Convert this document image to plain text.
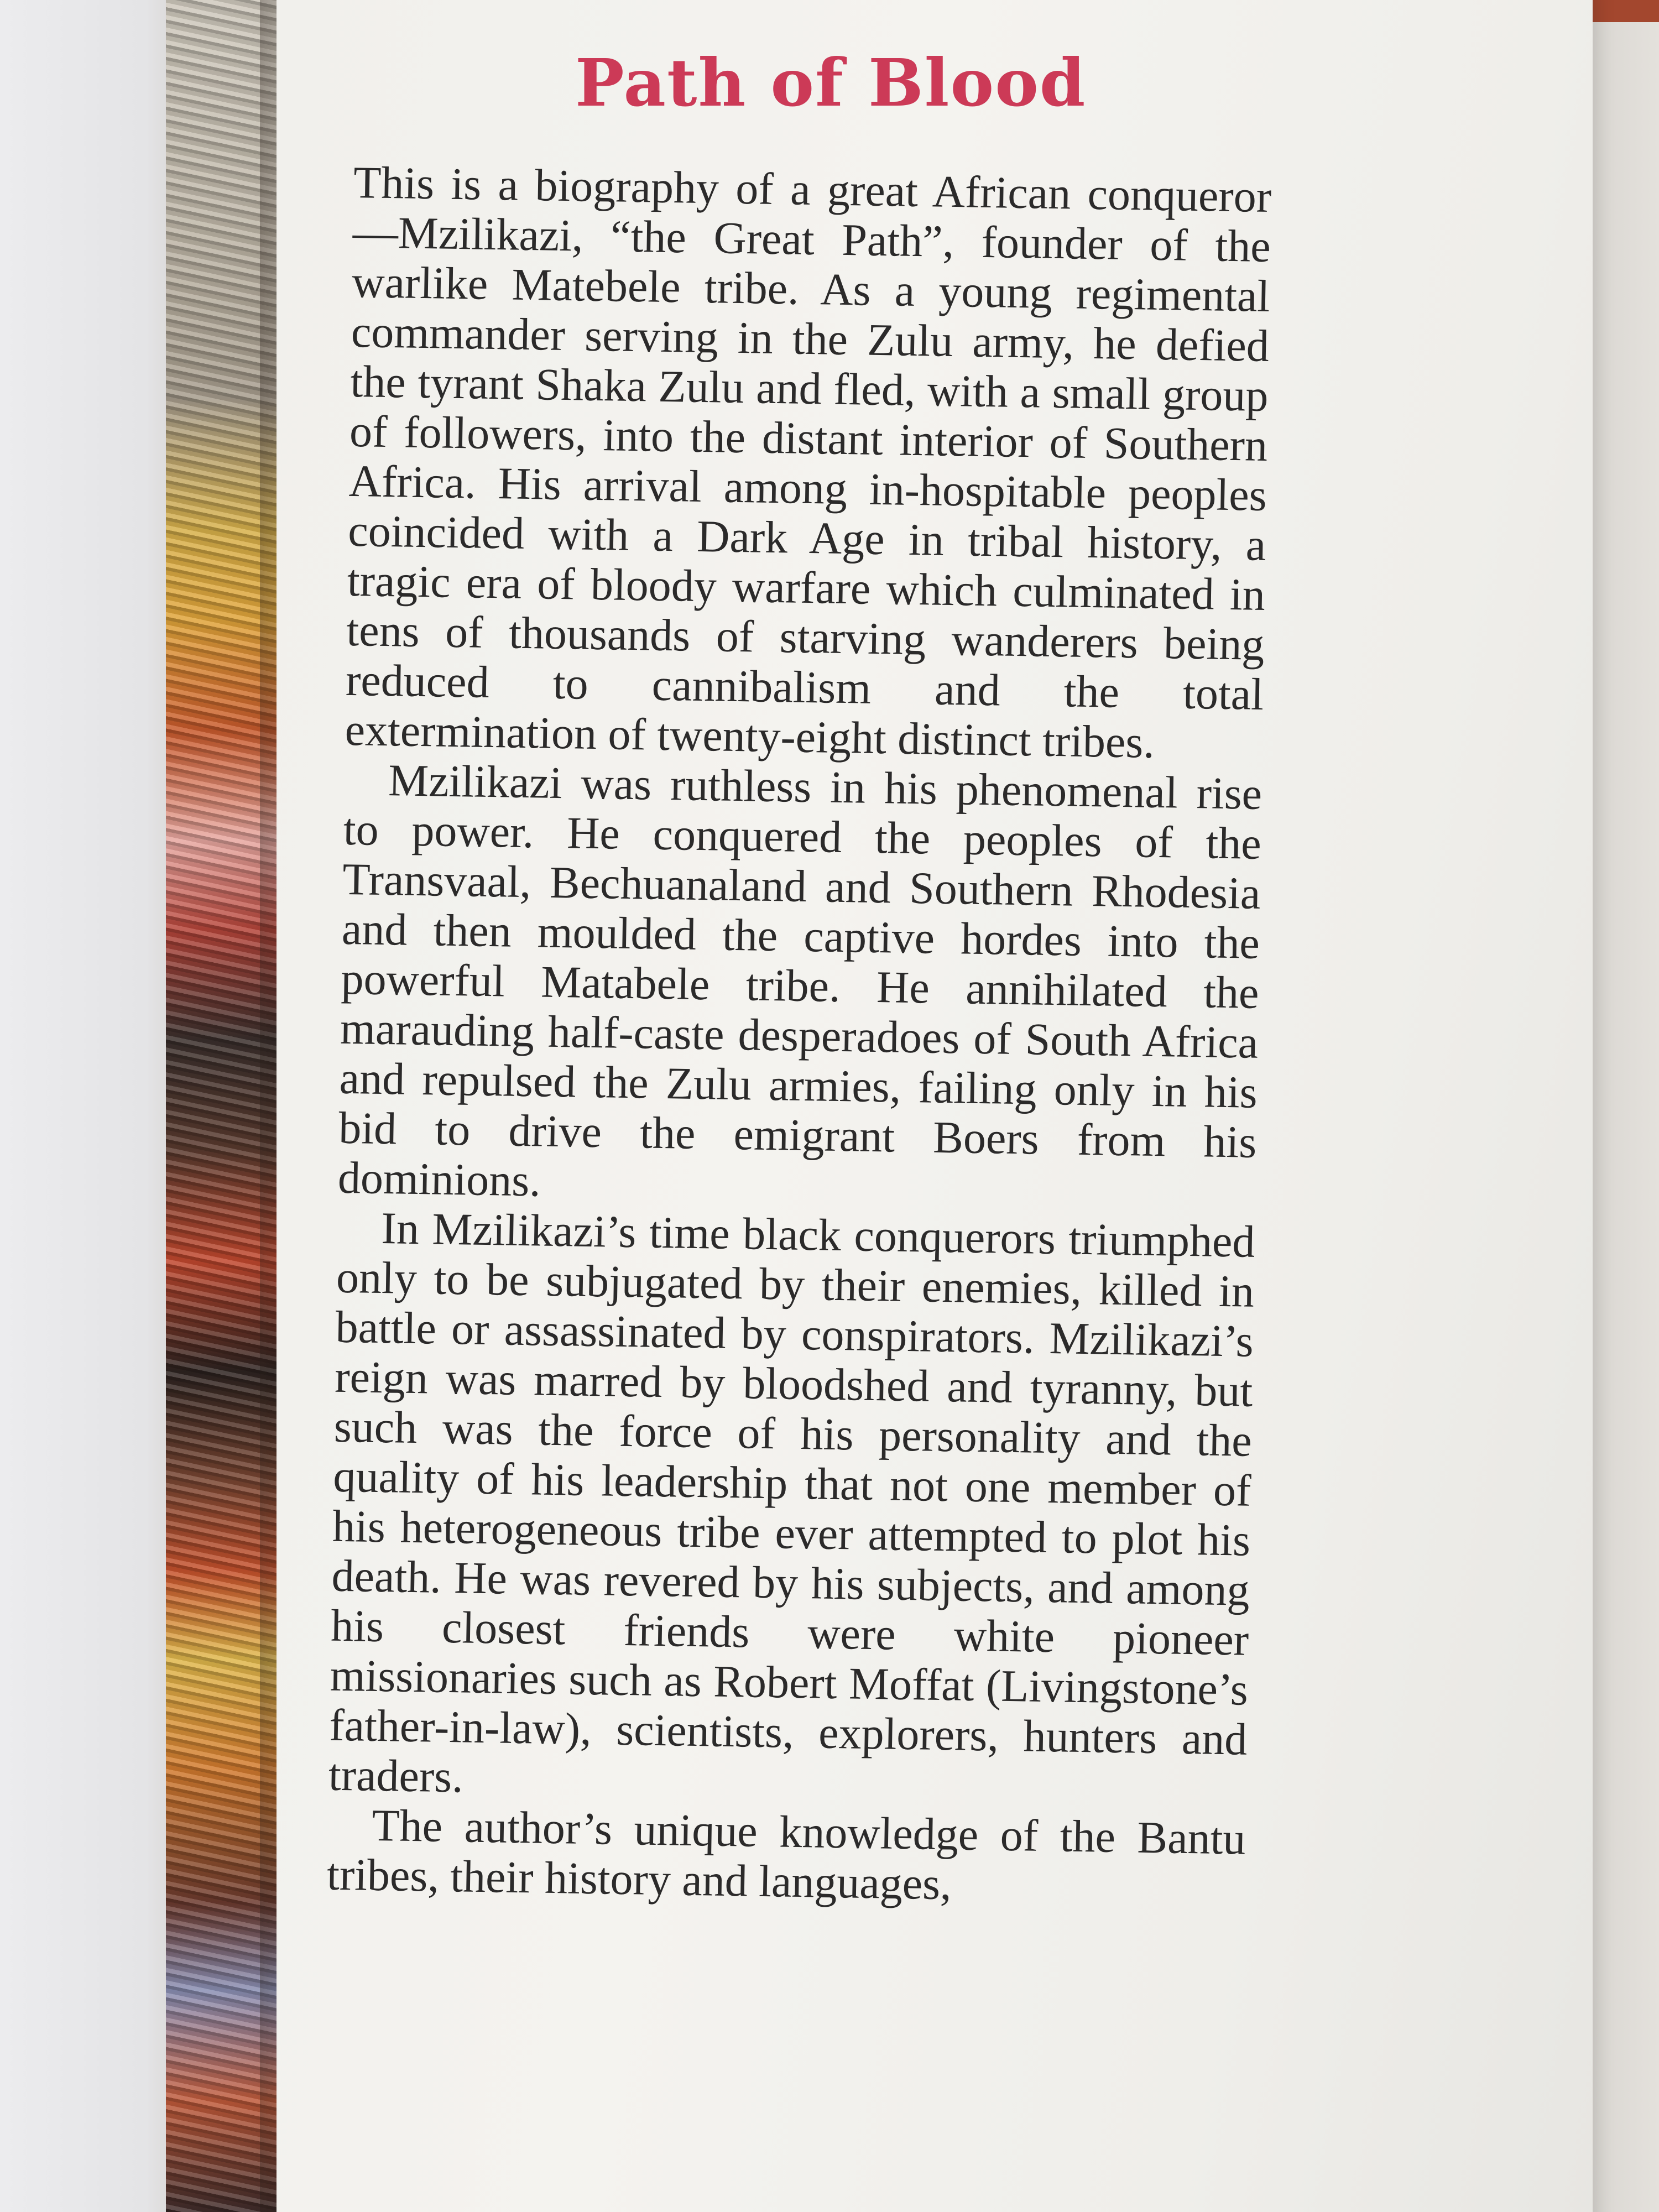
Path of Blood

This is a biography of a great African conqueror—Mzilikazi, “the Great Path”, founder of the warlike Matebele tribe. As a young regimental commander serving in the Zulu army, he defied the tyrant Shaka Zulu and fled, with a small group of followers, into the distant interior of Southern Africa. His arrival among in-hospitable peoples coincided with a Dark Age in tribal history, a tragic era of bloody warfare which culminated in tens of thousands of starving wanderers being reduced to cannibalism and the total extermination of twenty-eight distinct tribes.

Mzilikazi was ruthless in his phenomenal rise to power. He conquered the peoples of the Transvaal, Bechuanaland and Southern Rhodesia and then moulded the captive hordes into the powerful Matabele tribe. He annihilated the marauding half-caste desperadoes of South Africa and repulsed the Zulu armies, failing only in his bid to drive the emigrant Boers from his dominions.

In Mzilikazi’s time black conquerors triumphed only to be subjugated by their enemies, killed in battle or assassinated by conspirators. Mzilikazi’s reign was marred by bloodshed and tyranny, but such was the force of his personality and the quality of his leadership that not one member of his heterogeneous tribe ever attempted to plot his death. He was revered by his subjects, and among his closest friends were white pioneer missionaries such as Robert Moffat (Livingstone’s father-in-law), scientists, explorers, hunters and traders.

The author’s unique knowledge of the Bantu tribes, their history and languages,
